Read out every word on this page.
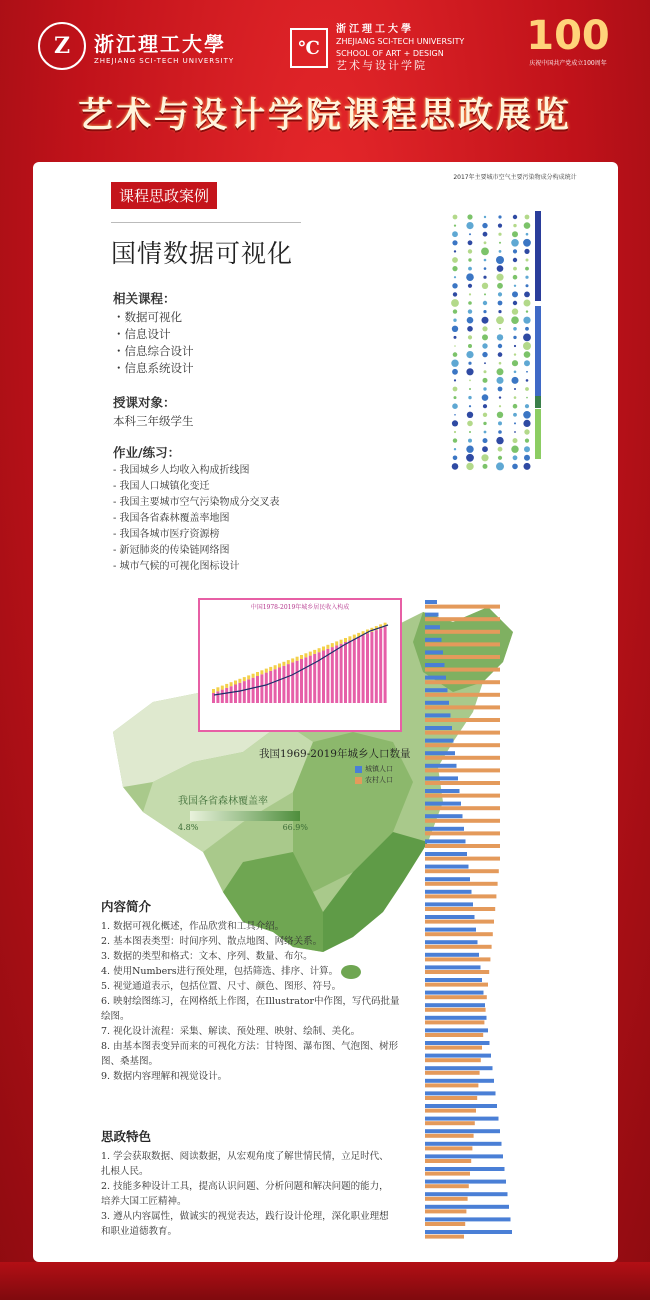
Z	浙江理工大學
ZHEJIANG SCI-TECH UNIVERSITY
℃
浙江理工大學
ZHEJIANG SCI-TECH UNIVERSITY
SCHOOL OF ART + DESIGN
艺术与设计学院
100
庆祝中国共产党成立100周年
艺术与设计学院课程思政展览
课程思政案例
国情数据可视化
相关课程：
・数据可视化
・信息设计
・信息综合设计
・信息系统设计
授课对象：
本科三年级学生
作业/练习：
- 我国城乡人均收入构成折线图
- 我国人口城镇化变迁
- 我国主要城市空气污染物成分交叉表
- 我国各省森林覆盖率地图
- 我国各城市医疗资源榜
- 新冠肺炎的传染链网络图
- 城市气候的可视化图标设计
2017年主要城市空气主要污染物成分构成统计
我国1969-2019年城乡人口数量
城镇人口
农村人口
我国各省森林覆盖率
4.8%	66.9%
中国1978-2019年城乡居民收入构成
内容简介
1. 数据可视化概述，作品欣赏和工具介绍。
2. 基本图表类型：时间序列、散点地图、网络关系。
3. 数据的类型和格式：文本、序列、数量、布尔。
4. 使用Numbers进行预处理，包括筛选、排序、计算。
5. 视觉通道表示，包括位置、尺寸、颜色、图形、符号。
6. 映射绘图练习，在网格纸上作图，在Illustrator中作图，写代码批量绘图。
7. 视化设计流程：采集、解读、预处理、映射、绘制、美化。
8. 由基本图表变异而来的可视化方法：甘特图、瀑布图、气泡图、树形图、桑基图。
9. 数据内容理解和视觉设计。
思政特色
1. 学会获取数据、阅读数据，从宏观角度了解世情民情，立足时代、扎根人民。
2. 技能多种设计工具，提高认识问题、分析问题和解决问题的能力，培养大国工匠精神。
3. 遵从内容属性，做诚实的视觉表达，践行设计伦理，深化职业理想和职业道德教育。
